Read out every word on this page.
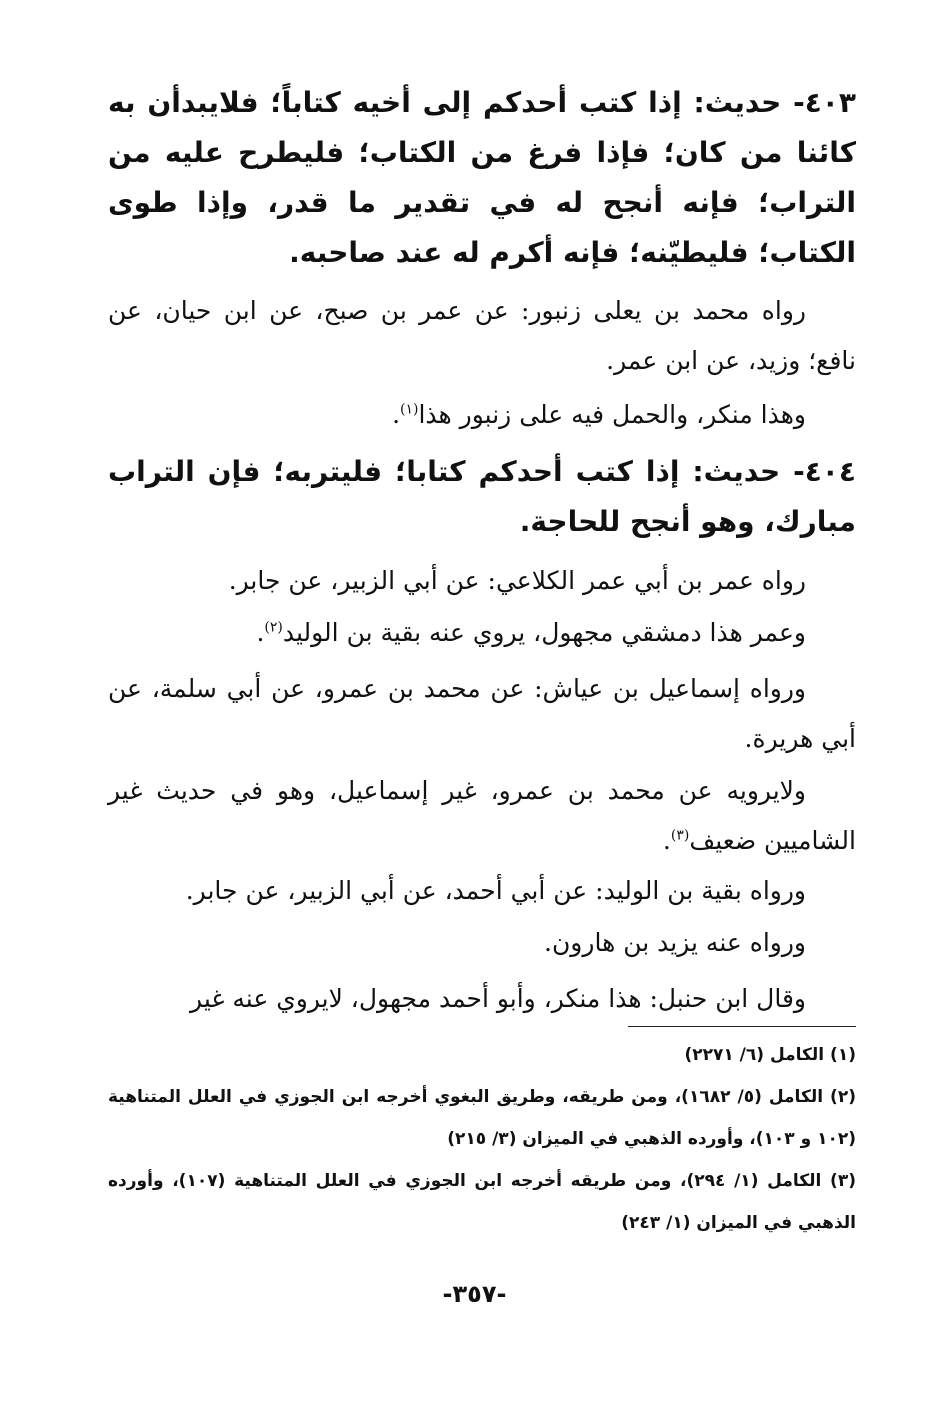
٤٠٣- حديث: إذا كتب أحدكم إلى أخيه كتاباً؛ فلايبدأن به كائنا من كان؛ فإذا فرغ من الكتاب؛ فليطرح عليه من التراب؛ فإنه أنجح له في تقدير ما قدر، وإذا طوى الكتاب؛ فليطيّنه؛ فإنه أكرم له عند صاحبه.

رواه محمد بن يعلى زنبور: عن عمر بن صبح، عن ابن حيان، عن نافع؛ وزيد، عن ابن عمر.

وهذا منكر، والحمل فيه على زنبور هذا$^{(١)}$.

٤٠٤- حديث: إذا كتب أحدكم كتابا؛ فليتربه؛ فإن التراب مبارك، وهو أنجح للحاجة.

رواه عمر بن أبي عمر الكلاعي: عن أبي الزبير، عن جابر.

وعمر هذا دمشقي مجهول، يروي عنه بقية بن الوليد$^{(٢)}$.

ورواه إسماعيل بن عياش: عن محمد بن عمرو، عن أبي سلمة، عن أبي هريرة.

ولايرويه عن محمد بن عمرو، غير إسماعيل، وهو في حديث غير الشاميين ضعيف$^{(٣)}$.

ورواه بقية بن الوليد: عن أبي أحمد، عن أبي الزبير، عن جابر.

ورواه عنه يزيد بن هارون.

وقال ابن حنبل: هذا منكر، وأبو أحمد مجهول، لايروي عنه غير

(١) الكامل (٦/ ٢٢٧١)

(٢) الكامل (٥/ ١٦٨٢)، ومن طريقه، وطريق البغوي أخرجه ابن الجوزي في العلل المتناهية (١٠٢ و ١٠٣)، وأورده الذهبي في الميزان (٣/ ٢١٥)

(٣) الكامل (١/ ٢٩٤)، ومن طريقه أخرجه ابن الجوزي في العلل المتناهية (١٠٧)، وأورده الذهبي في الميزان (١/ ٢٤٣)

-٣٥٧-
